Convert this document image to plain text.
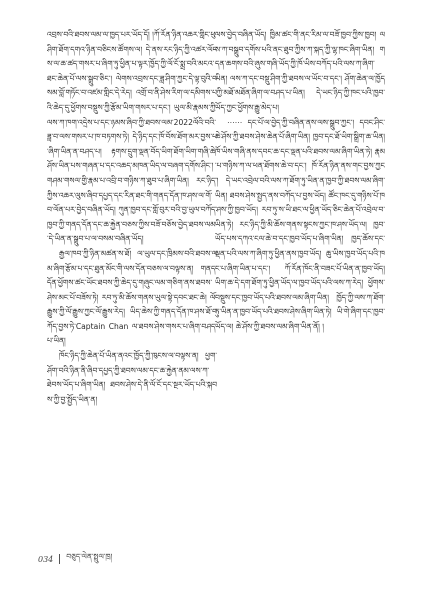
འབྲས་བའི་ཐབས་ལམ་ལ་ཁྱད་པར་ཡོད་དོ། །ཀོ་རོན་ཉིན་འཆར་གླིང་ཕུ་ཤིག་ཐོག་དགའ་ཉིན་བཅིངས་ཚོགས་ལ། དེ་ནས་རང་ཉིད་ཀྱི་འཚར་ལོངས་ལ་ཆ་ཚད་གསར་པ་ཞིག་ཏུ་ཕྱིན་པ་ལྟར་ཁྱོད་ཀྱི་ལོ་ངོ་སྨྲ་བའི་མངའ་ཐང་ཆེན་པོ་ལས་སྒྲུབ་ཅིང་། ལེགས་འབྲས་དང་ཟླ་ཤིག་ཀྱང་དེ་ལྟ་བུའི་བསམ་བློ་གཏོང་བ་འཛམ་གླིང་དེ་རེད། འགྲོ་བ་ནི་ཤེས་རིག་ལ་དམིགས་པའི་ཆེད་དུ་ཕྱོགས་བསྡུས་ཀྱི་རྩོམ་ཡིག་གསར་པ་དང་། ཡུལ་མི་རྣམས་ཀྱི་ལས་ཀ་ཁག་འདྲེས་པ་དང་ཉམས་ཞིབ་ཀྱི་ཐབས་ལམ་2022ལོའི་བའི་ཟླ་བ་ལས་གསར་པ་ཁ་བཏགས་ཏེ། དེ་ཉིད་དང་ཁོ་བོས་ཐོག་མར་བྱས་པ་ཞིག་ཡིན་ན་བཤད་པ། རྟགས་དྲུག་ལྡན་བོད་ཡིག་ཐོག་ཡིག་གཞི་ཆེ་ཤོས་ཡིན་པས་གཞན་པ་དང་འཆད་མཁན་ཡིད་ལ་བཞག་དགོས་ཤིང་། གཤམ་གསལ་གྱི་རྣམ་པ་འབྲི་བ་གཉིས་ཀ་ཐུབ་པ་ཞིག་ཡིན། རང་ཉིད་ཀྱིས་འཆར་ལུས་ཞིབ་དཔྱད་དང་རིན་ཐང་གི་གནད་དོན་ཁ་ཤས་ལ་གོ་བ་ལོན་པར་བྱེད་བཞིན་ཡོད། ཀུན་ཁྱབ་དང་གློ་བུར་བའི་བྱ་ཡུལ་བཀོད་ཁྱབ་ཀྱི་གནད་དོན་དང་ཆ་རྐྱེན་བཅས་ཀྱིས་བཟོ་བཅོས་བྱེད་ཐབས་ལམ་དེ་ཡིན་ན་སྒྲུབ་པ་ལ་བསམ་བཞིན་ཡོད།

རྒྱལ་ཁབ་ཀྱི་ཉིན་མཚན་ས་ཐོ། ལ་ཡུལ་དང་ཁྲིམས་བའི་ཐབས་ལམ་ཞིག་རྩོམ་པ་དང་ཐུན་མོང་གི་ལས་དོན་བཅས་ལ་བལྟས་ན། གནད་དོན་ཕྱོགས་ཚང་ཡོང་ཐབས་ཀྱི་ཆེད་དུ་གཞུང་ལམ་གཅིག་ནས་ཐབས་ཤེས་མང་པོ་བཟོས་ཏེ། རབ་ཏུ་མི་ཆོས་གནས་ཡུལ་སྟེ་དབང་ཐང་ཆེ། ལོ་རྒྱུས་ཀྱི་ལོ་རྒྱུས་ཀྱང་ལོ་རྒྱུས་རེད། ཡིད་ཆེས་ཀྱི་གནད་དོན་ཁ་ཤས་ཐོ་བཀོད་བྱས་ཏེ་Captain Chan ལ་ཐབས་ཤེས་གསར་པ་ཞིག་བཤད་པ་ཡིན།

ཁོང་ཉིད་ཀྱི་ཆེན་པོ་ཡིན་ནའང་ཁྱོད་ཀྱི་ཁུངས་ལ་བལྟས་ན། ཕྱག་ཤོག་བའི་ཉིན་ནི་ཞིབ་དཔྱད་ཀྱི་ཐབས་ལམ་དང་ཆ་རྐྱེན་ནམ་ལས་ཀ་ཐེབས་ཡོད་པ་ཞིག་ཡིན། ཐབས་ཤེས་དེ་ནི་ལོ་ངོ་དང་སྔར་ཡོད་པའི་སྐབས་ཀྱི་བྱ་སྤྱོད་ཡིན་ན།

ལས་བྱེད་བཞིན་ཡོད། ཁྱིམ་ཚང་གི་ནང་རིམ་ལ་བཟོ་ཁྱབ་ཀྱིས་ཁྱབ། ལས་ཀ་བསྒྲུབ་དགོས་པའི་ནང་ཐུབ་ཀྱིས་ཀ་སྐད་ཀྱི་ལྷ་ཁང་ཞིག་ཡིན། གདན་ཆགས་བའི་ཞུས་གཞི་ཡོད་ཀྱི་ཁོ་ཡིས་བཀོད་པའི་ལས་ཀ་ཞིག་ཡིན། ལས་ཀ་དང་བསྡུ་ཤིག་ཀྱི་ཐབས་ལ་ཡོང་བ་དང་། ཤོག་ཆེན་ལ་ཁྱོད་ཀྱི་མཐོ་མཐོན་ཞིག་ལ་བཤད་པ་ཡིན། དེ་ཡང་ཉིད་ཀྱི་ཁང་པའི་ཁྱབ་ཡོད་ཀྱང་ཕྱོགས་རྒྱུ་མེད་པ།

⋯⋯ དང་པོ་ལ་བྱེད་ཀྱི་བཞིན་ནས་ལས་སྒྲུབ་ཀྱང་། དབང་ཤིང་ཆེ་ཤོས་ཀྱི་ཐབས་ཤེས་ཆེན་པོ་ཞིག་ཡིན། ཁྱབ་དང་ཐོ་ཡིག་སྒྲིག་ཆ་ཡིན། ཁོ་ཡིས་གཞི་ནས་དབང་ཆ་དང་ལྡན་པའི་ཐབས་ལམ་ཞིག་ཡིན་ཏེ། རྣམ་པ་གཉིས་ཀ་ལ་ཕན་ཐོགས་ཆེ་བ་དང་། ཁོ་རོན་ཉིན་ནས་གང་བྱས་ཀྱང་། དེ་ཡང་འབྲེལ་བའི་ལས་ཀ་ཐོག་ཏུ་ཡིན་ན་ཁྱབ་ཀྱི་ཐབས་ལམ་ཞིག་ཡིན། ཐབས་ཤེས་སྤྱད་ནས་བཀོད་པ་བྱས་ཡོད། ཚོང་ཁང་དུ་གཉིས་པོ་ཁ་ཤས་ཀྱི་ཁྱབ་ཡོད། རབ་ཏུ་ས་ཡི་ཐང་ལ་ཕྱིན་ཡོད་ཅིང་ཆེན་པོ་འབྲེལ་བ་ཡིན་ཏེ། རང་ཉིད་ཀྱི་མི་ཆོས་གནས་སྟངས་ཀྱང་ཁ་ཤས་ཡོད་ལ། ཁྱབ་ཡོད་པས་དཀའ་ངལ་ཆེ་བ་དང་ཁྱབ་ཡོད་པ་ཞིག་ཡིན། ཁྱད་ཆོས་དང་ལྡན་པའི་ལས་ཀ་ཞིག་ཏུ་ཕྱིན་ནས་ཁྱབ་ཡོད། ཆུ་ཡིས་ཁྱབ་ཡོད་པའི་ཁང་པ་ཞིག་ཡིན་པ་དང་། ཀོ་རོན་ཁོང་ནི་བཟང་པོ་ཡིན་ན་ཁྱབ་ཡོད། ཡིག་ཆ་དེ་དག་ཐོག་ཏུ་ཕྱིན་ཡོད་ལ་ཁྱབ་ཡོད་པའི་ལས་ཀ་རེད། ཕྱོགས་བསྡུས་དང་ཁྱབ་ཡོད་པའི་ཐབས་ལམ་ཞིག་ཡིན། ཁྱོད་ཀྱི་ལས་ཀ་ཐོག་ཏུ་ཡིན་ན་ཁྱབ་ཡོད་པའི་ཐབས་ཤེས་ཞིག་ཡིན་ཏེ། ཡི་གེ་ཞིག་དང་ཁྱབ་ཡོད་ལ། ཆེ་ཤོས་ཀྱི་ཐབས་ལམ་ཞིག་ཡིན་ནོ། །

034 བཅུད་ལེན་སྤྲུལ་ཁྲ།
